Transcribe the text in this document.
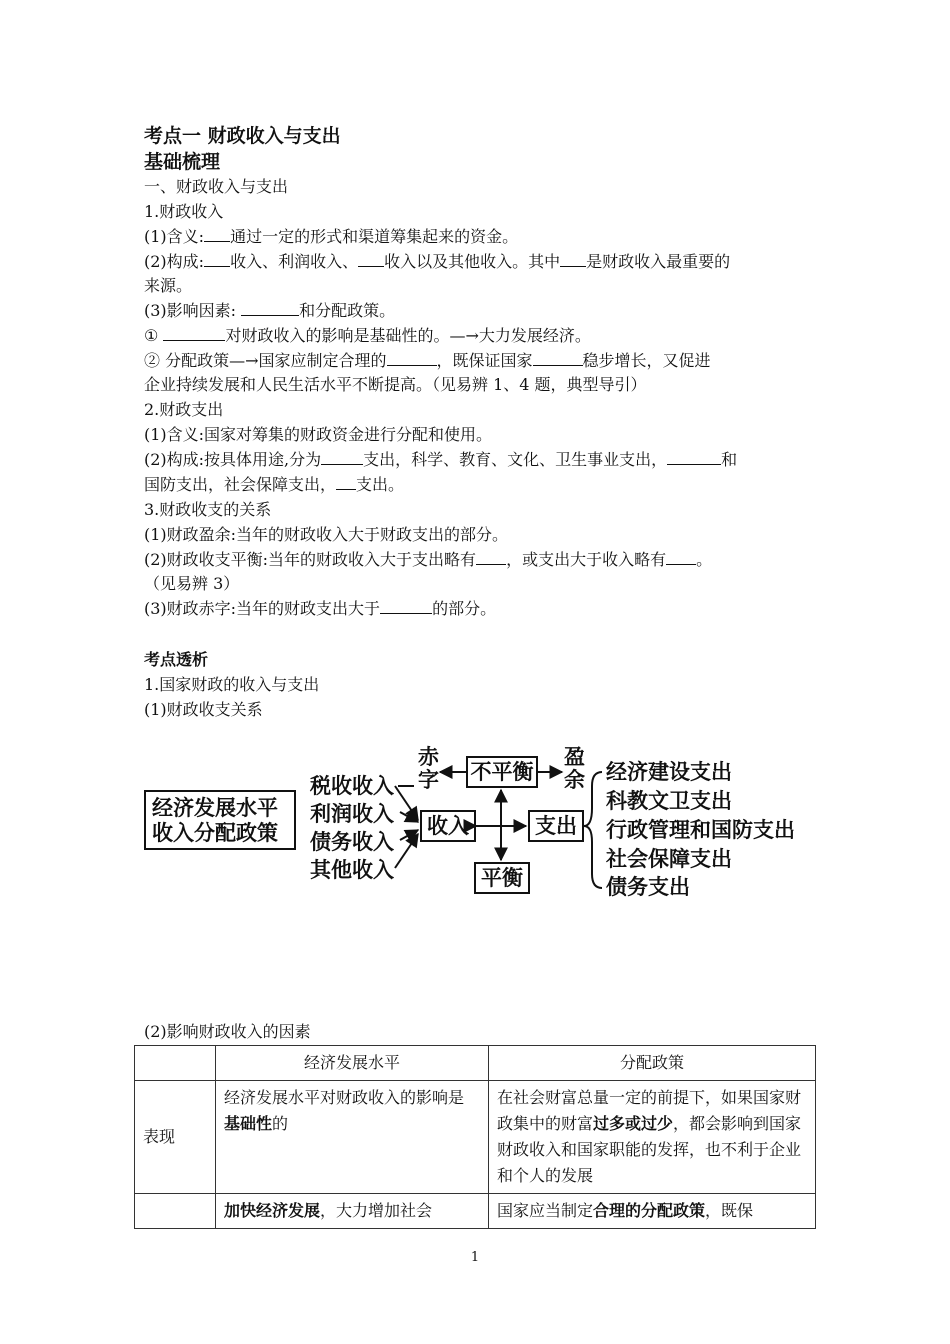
考点一 财政收入与支出
基础梳理
一、财政收入与支出
1.财政收入
(1)含义: 通过一定的形式和渠道筹集起来的资金。
(2)构成: 收入、利润收入、 收入以及其他收入。其中 是财政收入最重要的
来源。
(3)影响因素:	和分配政策。
①	对财政收入的影响是基础性的。—→大力发展经济。
② 分配政策—→国家应制定合理的	，既保证国家	稳步增长，又促进
企业持续发展和人民生活水平不断提高。（见易辨 1、4 题，典型导引）
2.财政支出
(1)含义:国家对筹集的财政资金进行分配和使用。
(2)构成:按具体用途,分为	支出，科学、教育、文化、卫生事业支出，	和
国防支出，社会保障支出， 支出。
3.财政收支的关系
(1)财政盈余:当年的财政收入大于财政支出的部分。
(2)财政收支平衡:当年的财政收入大于支出略有 ，或支出大于收入略有 。
（见易辨 3）
(3)财政赤字:当年的财政支出大于	的部分。
考点透析
1.国家财政的收入与支出
(1)财政收支关系
经济发展水平
收入分配政策
税收收入
利润收入
债务收入
其他收入
收入	支出
不平衡
平衡
赤字
盈余 经济建设支出
科教文卫支出
行政管理和国防支出
社会保障支出
债务支出
(2)影响财政收入的因素
	经济发展水平	分配政策
表现	经济发展水平对财政收入的影响是基础性的	在社会财富总量一定的前提下，如果国家财政集中的财富过多或过少，都会影响到国家财政收入和国家职能的发挥，也不利于企业和个人的发展
	加快经济发展，大力增加社会	国家应当制定合理的分配政策，既保
1
